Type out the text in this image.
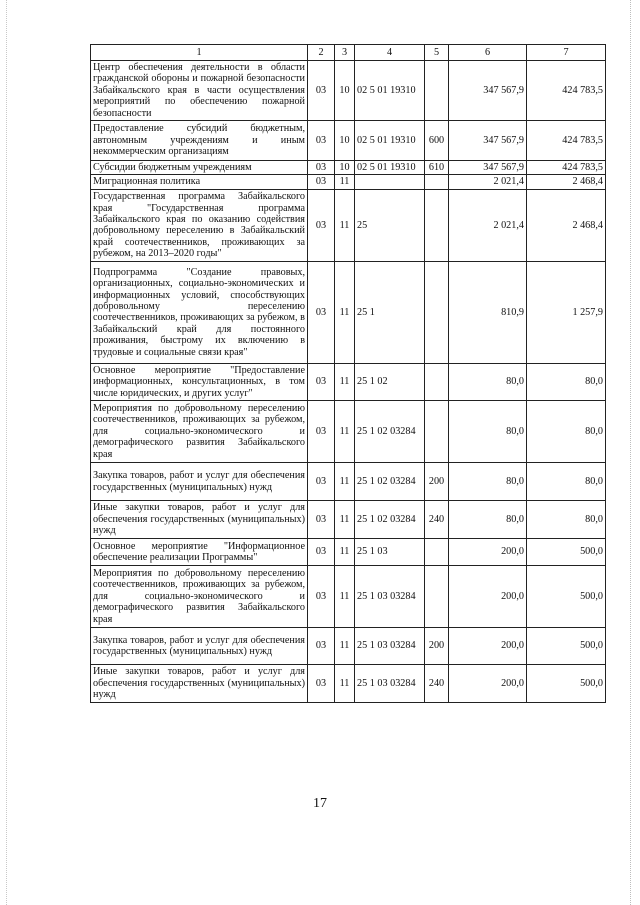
1	2	3	4	5	6	7
Центр обеспечения деятельности в области гражданской обороны и пожарной безопасности Забайкальского края в части осуществления мероприятий по обеспечению пожарной безопасности	03	10	02 5 01 19310		347 567,9	424 783,5
Предоставление субсидий бюджетным, автономным учреждениям и иным некоммерческим организациям	03	10	02 5 01 19310	600	347 567,9	424 783,5
Субсидии бюджетным учреждениям	03	10	02 5 01 19310	610	347 567,9	424 783,5
Миграционная политика	03	11			2 021,4	2 468,4
Государственная программа Забайкальского края "Государственная программа Забайкальского края по оказанию содействия добровольному переселению в Забайкальский край соотечественников, проживающих за рубежом, на 2013–2020 годы"	03	11	25		2 021,4	2 468,4
Подпрограмма "Создание правовых, организационных, социально-экономических и информационных условий, способствующих добровольному переселению соотечественников, проживающих за рубежом, в Забайкальский край для постоянного проживания, быстрому их включению в трудовые и социальные связи края"	03	11	25 1		810,9	1 257,9
Основное мероприятие "Предоставление информационных, консультационных, в том числе юридических, и других услуг"	03	11	25 1 02		80,0	80,0
Мероприятия по добровольному переселению соотечественников, проживающих за рубежом, для социально-экономического и демографического развития Забайкальского края	03	11	25 1 02 03284		80,0	80,0
Закупка товаров, работ и услуг для обеспечения государственных (муниципальных) нужд	03	11	25 1 02 03284	200	80,0	80,0
Иные закупки товаров, работ и услуг для обеспечения государственных (муниципальных) нужд	03	11	25 1 02 03284	240	80,0	80,0
Основное мероприятие "Информационное обеспечение реализации Программы"	03	11	25 1 03		200,0	500,0
Мероприятия по добровольному переселению соотечественников, проживающих за рубежом, для социально-экономического и демографического развития Забайкальского края	03	11	25 1 03 03284		200,0	500,0
Закупка товаров, работ и услуг для обеспечения государственных (муниципальных) нужд	03	11	25 1 03 03284	200	200,0	500,0
Иные закупки товаров, работ и услуг для обеспечения государственных (муниципальных) нужд	03	11	25 1 03 03284	240	200,0	500,0
17
